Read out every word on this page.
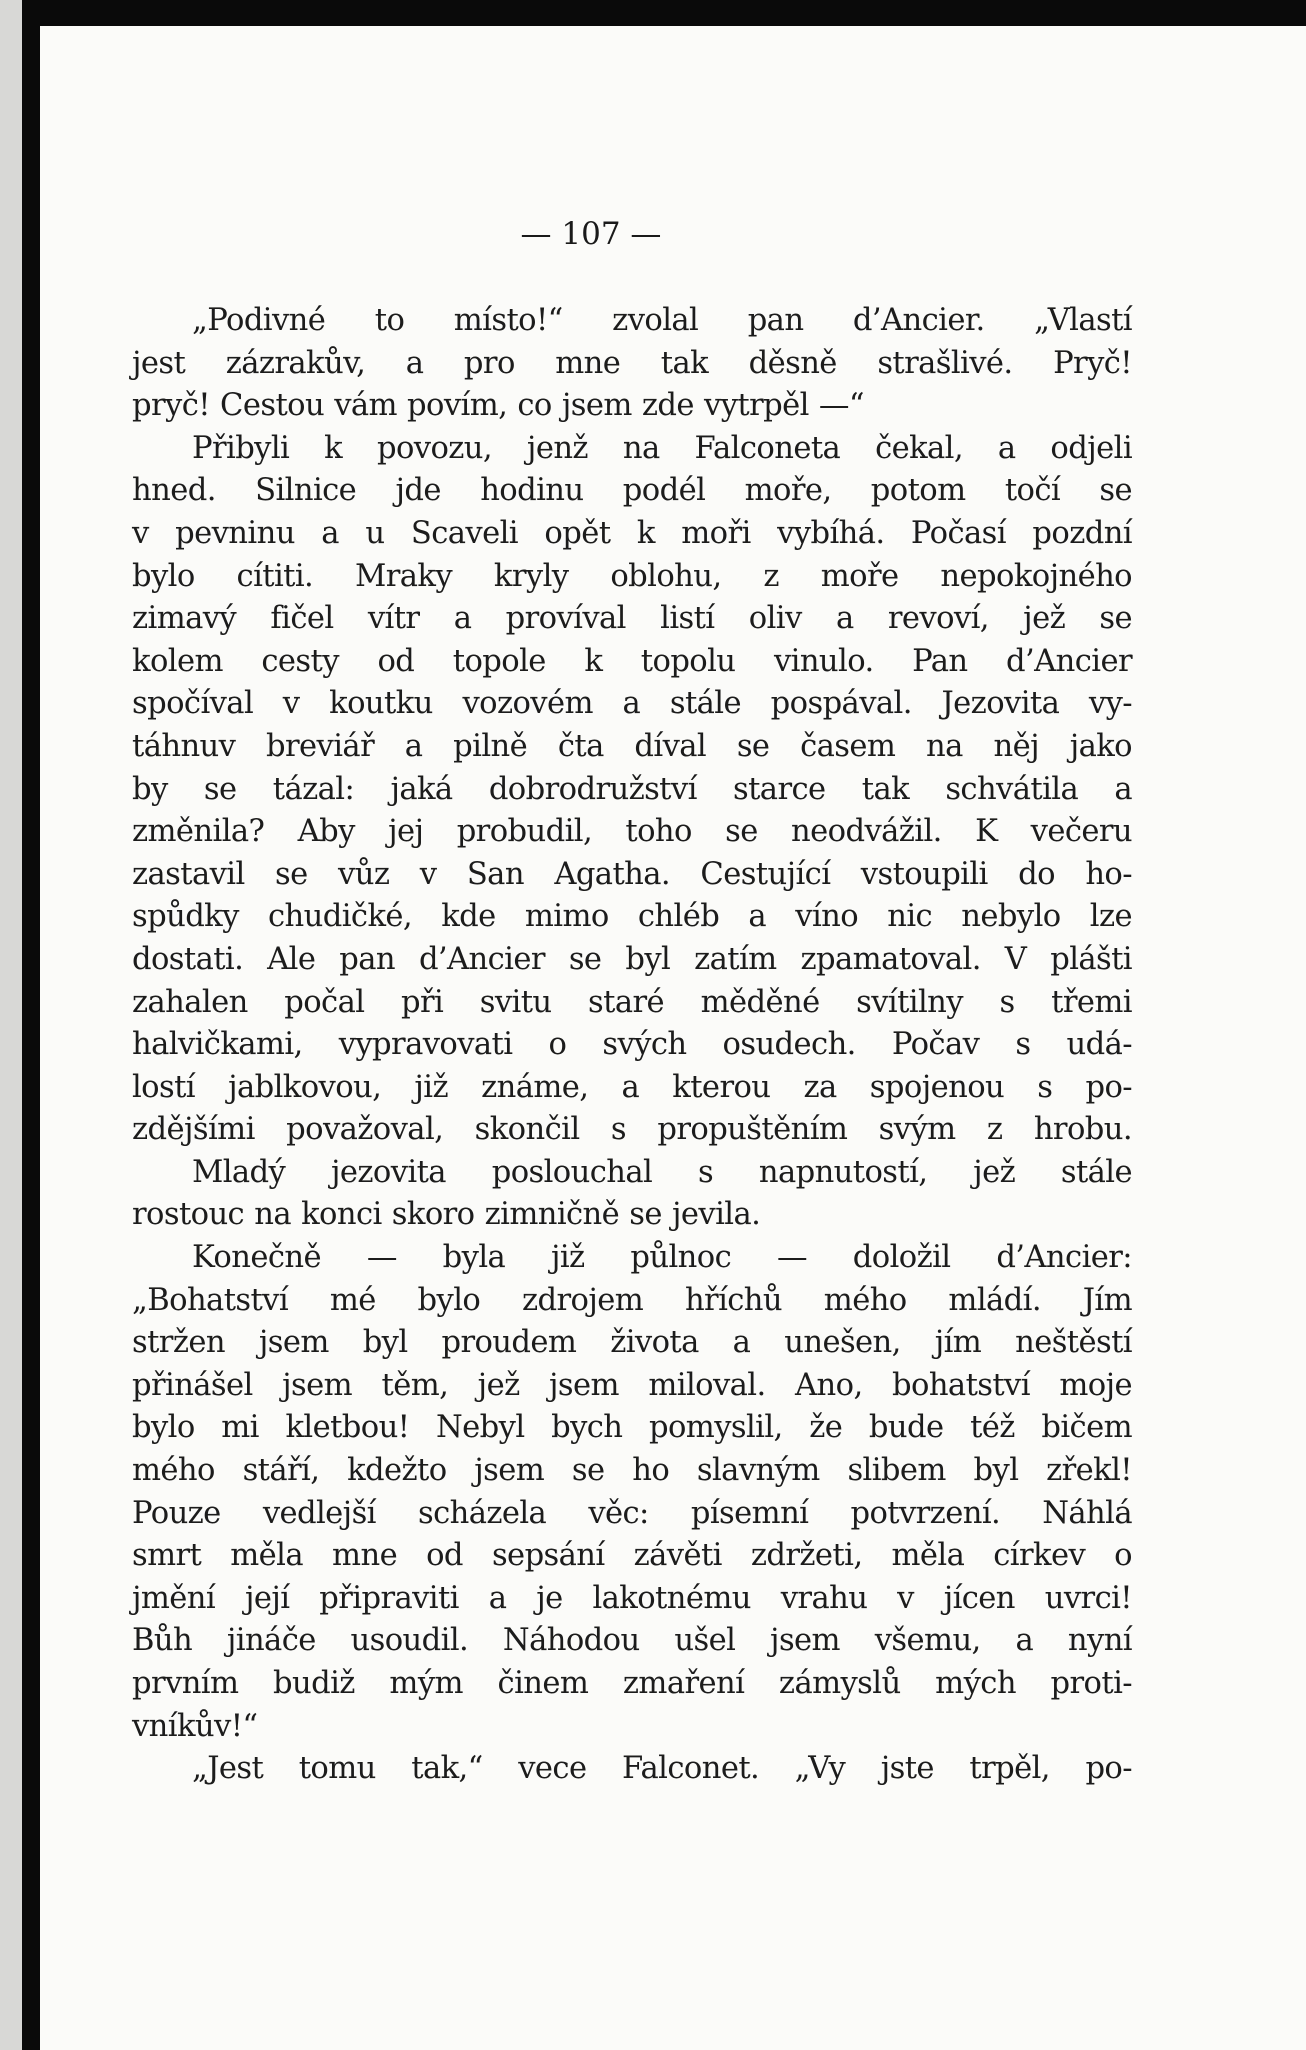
— 107 —
„Podivné to místo!“ zvolal pan d’Ancier. „Vlastí
jest zázrakův, a pro mne tak děsně strašlivé. Pryč!
pryč! Cestou vám povím, co jsem zde vytrpěl —“
Přibyli k povozu, jenž na Falconeta čekal, a odjeli
hned. Silnice jde hodinu podél moře, potom točí se
v pevninu a u Scaveli opět k moři vybíhá. Počasí pozdní
bylo cítiti. Mraky kryly oblohu, z moře nepokojného
zimavý fičel vítr a províval listí oliv a revoví, jež se
kolem cesty od topole k topolu vinulo. Pan d’Ancier
spočíval v koutku vozovém a stále pospával. Jezovita vy-
táhnuv breviář a pilně čta díval se časem na něj jako
by se tázal: jaká dobrodružství starce tak schvátila a
změnila? Aby jej probudil, toho se neodvážil. K večeru
zastavil se vůz v San Agatha. Cestující vstoupili do ho-
spůdky chudičké, kde mimo chléb a víno nic nebylo lze
dostati. Ale pan d’Ancier se byl zatím zpamatoval. V plášti
zahalen počal při svitu staré měděné svítilny s třemi
halvičkami, vypravovati o svých osudech. Počav s udá-
lostí jablkovou, již známe, a kterou za spojenou s po-
zdějšími považoval, skončil s propuštěním svým z hrobu.
Mladý jezovita poslouchal s napnutostí, jež stále
rostouc na konci skoro zimničně se jevila.
Konečně — byla již půlnoc — doložil d’Ancier:
„Bohatství mé bylo zdrojem hříchů mého mládí. Jím
stržen jsem byl proudem života a unešen, jím neštěstí
přinášel jsem těm, jež jsem miloval. Ano, bohatství moje
bylo mi kletbou! Nebyl bych pomyslil, že bude též bičem
mého stáří, kdežto jsem se ho slavným slibem byl zřekl!
Pouze vedlejší scházela věc: písemní potvrzení. Náhlá
smrt měla mne od sepsání závěti zdržeti, měla církev o
jmění její připraviti a je lakotnému vrahu v jícen uvrci!
Bůh jináče usoudil. Náhodou ušel jsem všemu, a nyní
prvním budiž mým činem zmaření zámyslů mých proti-
vníkův!“
„Jest tomu tak,“ vece Falconet. „Vy jste trpěl, po-
